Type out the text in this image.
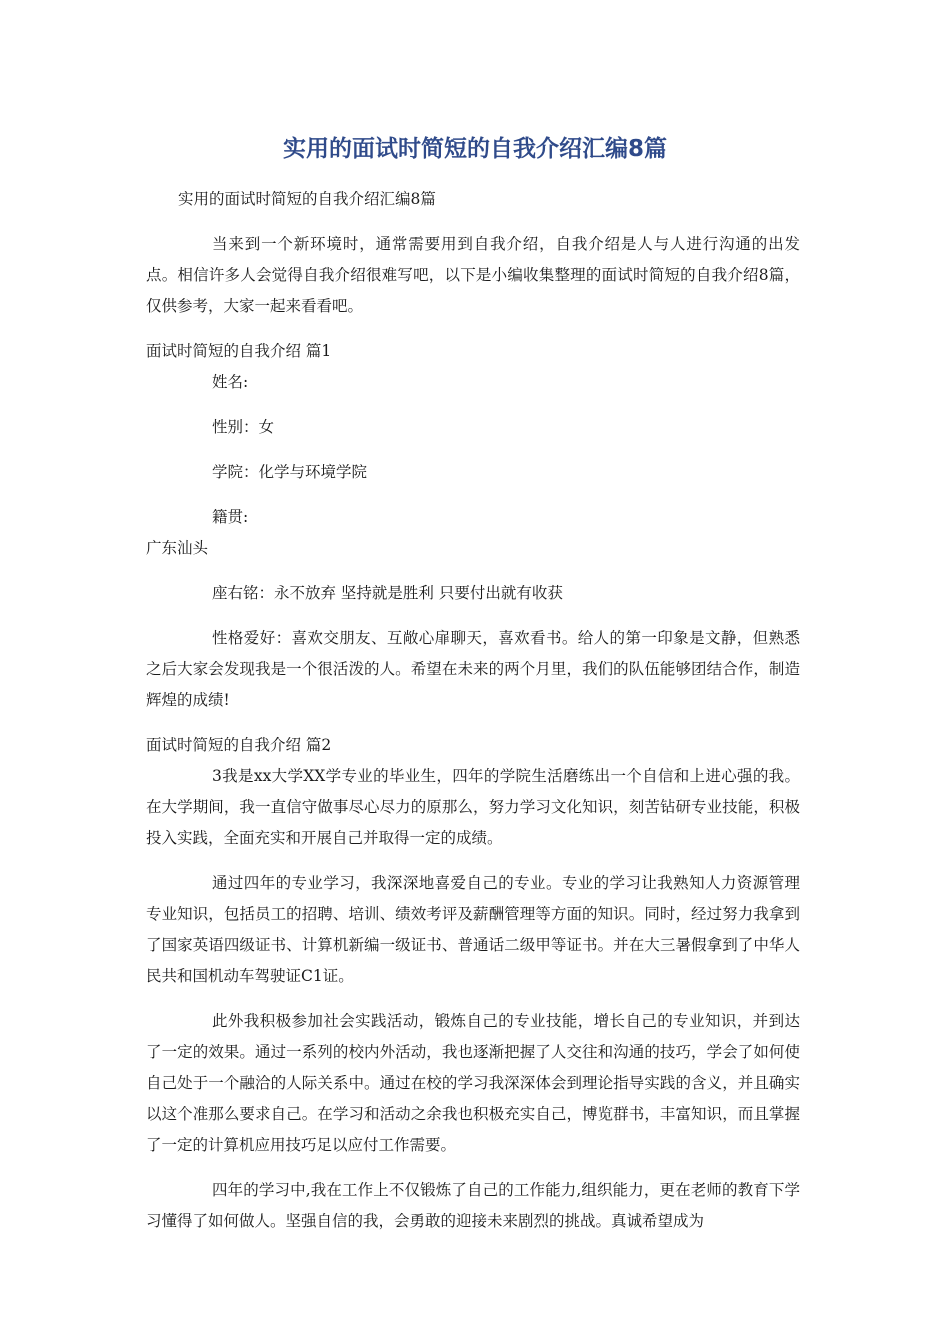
实用的面试时简短的自我介绍汇编8篇

实用的面试时简短的自我介绍汇编8篇

当来到一个新环境时，通常需要用到自我介绍，自我介绍是人与人进行沟通的出发点。相信许多人会觉得自我介绍很难写吧，以下是小编收集整理的面试时简短的自我介绍8篇，仅供参考，大家一起来看看吧。

面试时简短的自我介绍 篇1

姓名:

性别：女

学院：化学与环境学院

籍贯:

广东汕头

座右铭：永不放弃 坚持就是胜利 只要付出就有收获

性格爱好：喜欢交朋友、互敞心扉聊天，喜欢看书。给人的第一印象是文静，但熟悉之后大家会发现我是一个很活泼的人。希望在未来的两个月里，我们的队伍能够团结合作，制造辉煌的成绩!

面试时简短的自我介绍 篇2

3我是xx大学XX学专业的毕业生，四年的学院生活磨练出一个自信和上进心强的我。在大学期间，我一直信守做事尽心尽力的原那么，努力学习文化知识，刻苦钻研专业技能，积极投入实践，全面充实和开展自己并取得一定的成绩。

通过四年的专业学习，我深深地喜爱自己的专业。专业的学习让我熟知人力资源管理专业知识，包括员工的招聘、培训、绩效考评及薪酬管理等方面的知识。同时，经过努力我拿到了国家英语四级证书、计算机新编一级证书、普通话二级甲等证书。并在大三暑假拿到了中华人民共和国机动车驾驶证C1证。

此外我积极参加社会实践活动，锻炼自己的专业技能，增长自己的专业知识，并到达了一定的效果。通过一系列的校内外活动，我也逐渐把握了人交往和沟通的技巧，学会了如何使自己处于一个融洽的人际关系中。通过在校的学习我深深体会到理论指导实践的含义，并且确实以这个准那么要求自己。在学习和活动之余我也积极充实自己，博览群书，丰富知识，而且掌握了一定的计算机应用技巧足以应付工作需要。

四年的学习中,我在工作上不仅锻炼了自己的工作能力,组织能力，更在老师的教育下学习懂得了如何做人。坚强自信的我，会勇敢的迎接未来剧烈的挑战。真诚希望成为
